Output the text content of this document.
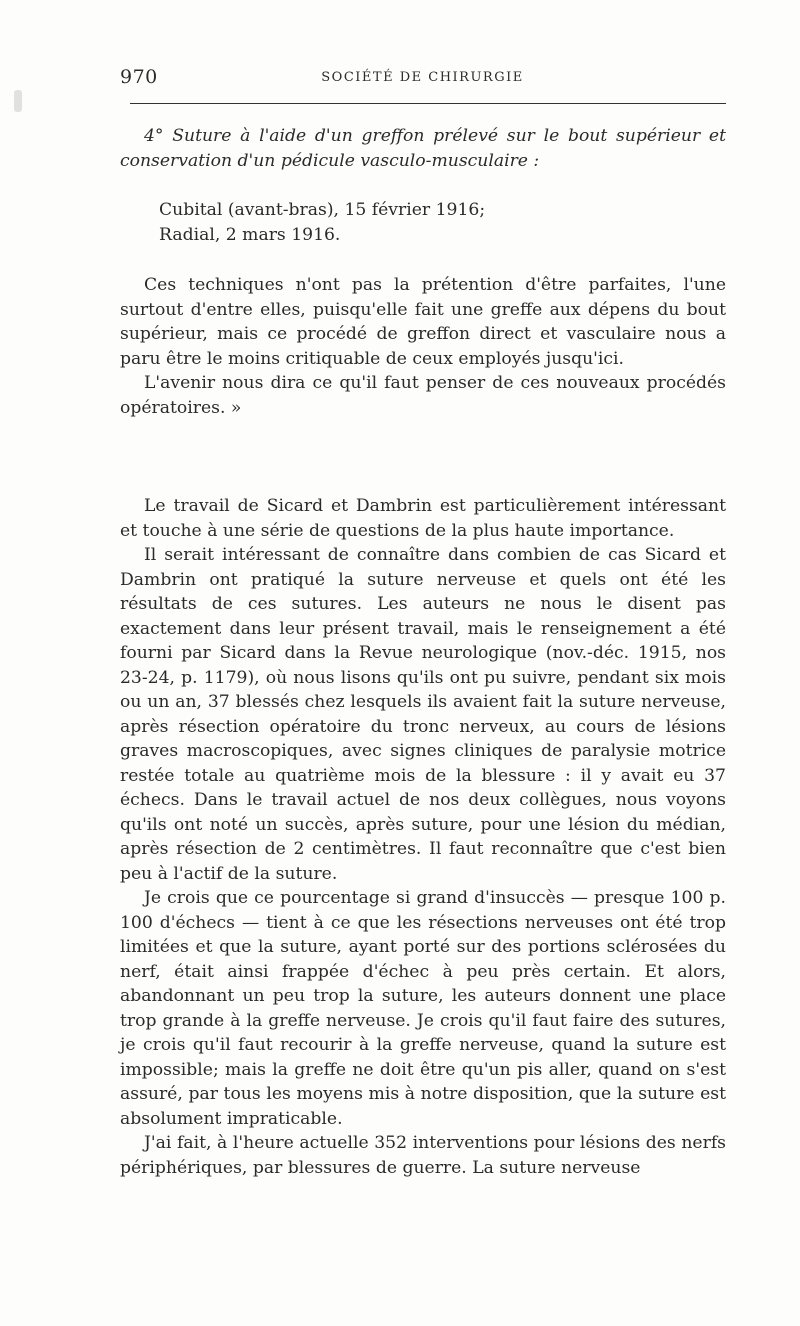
970	SOCIÉTÉ DE CHIRURGIE

4° Suture à l'aide d'un greffon prélevé sur le bout supérieur et conservation d'un pédicule vasculo-musculaire :

Cubital (avant-bras), 15 février 1916;

Radial, 2 mars 1916.

Ces techniques n'ont pas la prétention d'être parfaites, l'une surtout d'entre elles, puisqu'elle fait une greffe aux dépens du bout supérieur, mais ce procédé de greffon direct et vasculaire nous a paru être le moins critiquable de ceux employés jusqu'ici.

L'avenir nous dira ce qu'il faut penser de ces nouveaux procédés opératoires. »

Le travail de Sicard et Dambrin est particulièrement intéressant et touche à une série de questions de la plus haute importance.

Il serait intéressant de connaître dans combien de cas Sicard et Dambrin ont pratiqué la suture nerveuse et quels ont été les résultats de ces sutures. Les auteurs ne nous le disent pas exactement dans leur présent travail, mais le renseignement a été fourni par Sicard dans la Revue neurologique (nov.-déc. 1915, nos 23-24, p. 1179), où nous lisons qu'ils ont pu suivre, pendant six mois ou un an, 37 blessés chez lesquels ils avaient fait la suture nerveuse, après résection opératoire du tronc nerveux, au cours de lésions graves macroscopiques, avec signes cliniques de paralysie motrice restée totale au quatrième mois de la blessure : il y avait eu 37 échecs. Dans le travail actuel de nos deux collègues, nous voyons qu'ils ont noté un succès, après suture, pour une lésion du médian, après résection de 2 centimètres. Il faut reconnaître que c'est bien peu à l'actif de la suture.

Je crois que ce pourcentage si grand d'insuccès — presque 100 p. 100 d'échecs — tient à ce que les résections nerveuses ont été trop limitées et que la suture, ayant porté sur des portions sclérosées du nerf, était ainsi frappée d'échec à peu près certain. Et alors, abandonnant un peu trop la suture, les auteurs donnent une place trop grande à la greffe nerveuse. Je crois qu'il faut faire des sutures, je crois qu'il faut recourir à la greffe nerveuse, quand la suture est impossible; mais la greffe ne doit être qu'un pis aller, quand on s'est assuré, par tous les moyens mis à notre disposition, que la suture est absolument impraticable.

J'ai fait, à l'heure actuelle 352 interventions pour lésions des nerfs périphériques, par blessures de guerre. La suture nerveuse
